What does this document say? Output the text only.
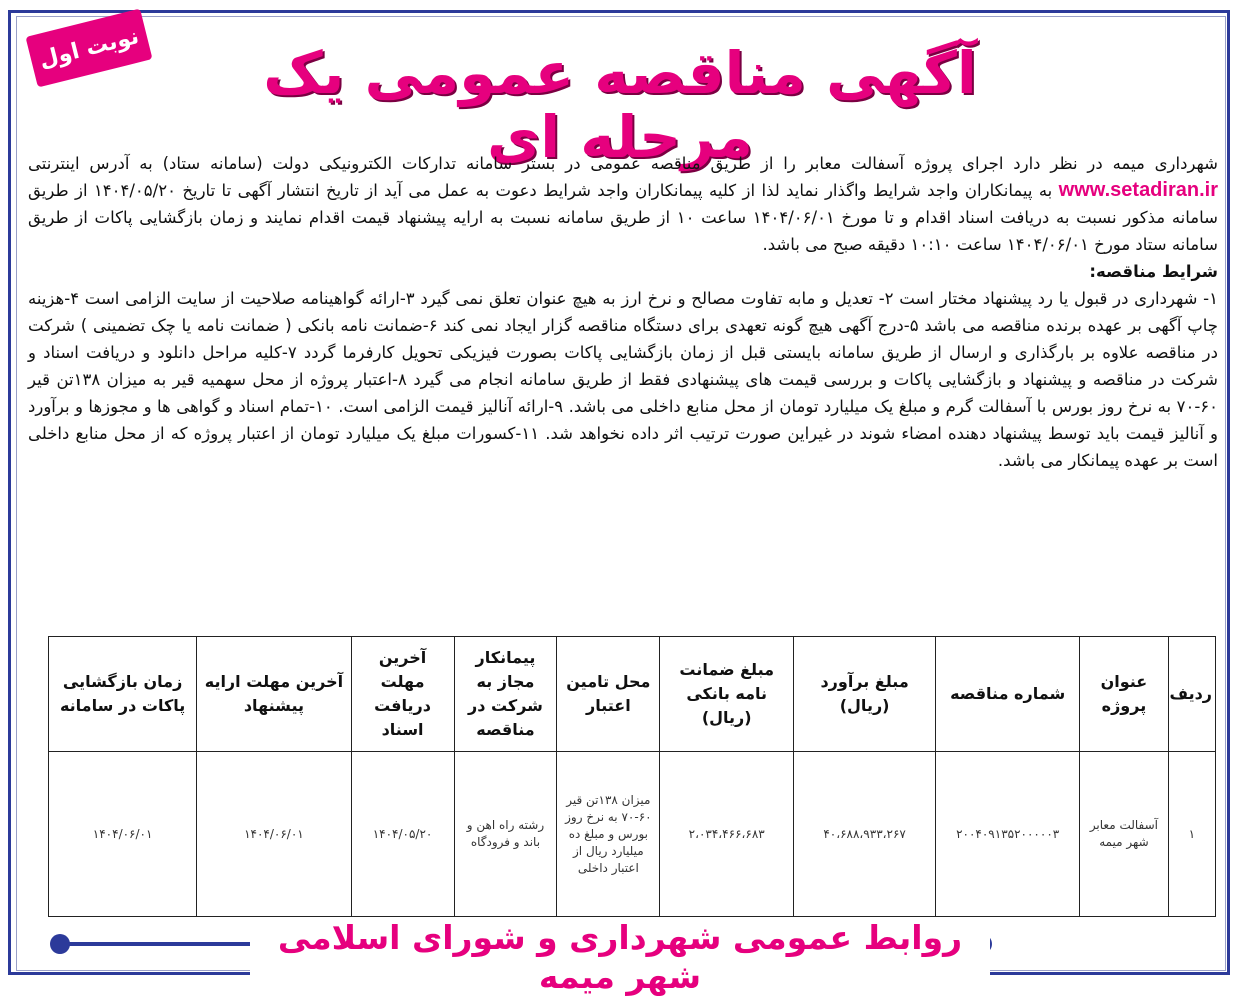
نوبت اول	آگهی مناقصه عمومی یک مرحله ای

شهرداری میمه در نظر دارد اجرای پروژه آسفالت معابر را از طریق مناقصه عمومی در بستر سامانه تدارکات الکترونیکی دولت (سامانه ستاد) به آدرس اینترنتی www.setadiran.ir به پیمانکاران واجد شرایط واگذار نماید لذا از کلیه پیمانکاران واجد شرایط دعوت به عمل می آید از تاریخ انتشار آگهی تا تاریخ ۱۴۰۴/۰۵/۲۰ از طریق سامانه مذکور نسبت به دریافت اسناد اقدام و تا مورخ ۱۴۰۴/۰۶/۰۱ ساعت ۱۰ از طریق سامانه نسبت به ارایه پیشنهاد قیمت اقدام نمایند و زمان بازگشایی پاکات از طریق سامانه ستاد مورخ ۱۴۰۴/۰۶/۰۱ ساعت ۱۰:۱۰ دقیقه صبح می باشد.

شرایط مناقصه:

۱- شهرداری در قبول یا رد پیشنهاد مختار است ۲- تعدیل و مابه تفاوت مصالح و نرخ ارز به هیچ عنوان تعلق نمی گیرد ۳-ارائه گواهینامه صلاحیت از سایت الزامی است ۴-هزینه چاپ آگهی بر عهده برنده مناقصه می باشد ۵-درج آگهی هیچ گونه تعهدی برای دستگاه مناقصه گزار ایجاد نمی کند ۶-ضمانت نامه بانکی ( ضمانت نامه یا چک تضمینی ) شرکت در مناقصه علاوه بر بارگذاری و ارسال از طریق سامانه بایستی قبل از زمان بازگشایی پاکات بصورت فیزیکی تحویل کارفرما گردد ۷-کلیه مراحل دانلود و دریافت اسناد و شرکت در مناقصه و پیشنهاد و بازگشایی پاکات و بررسی قیمت های پیشنهادی فقط از طریق سامانه انجام می گیرد ۸-اعتبار پروژه از محل سهمیه قیر به میزان ۱۳۸تن قیر ۶۰-۷۰ به نرخ روز بورس با آسفالت گرم و مبلغ یک میلیارد تومان از محل منابع داخلی می باشد. ۹-ارائه آنالیز قیمت الزامی است. ۱۰-تمام اسناد و گواهی ها و مجوزها و برآورد و آنالیز قیمت باید توسط پیشنهاد دهنده امضاء شوند در غیراین صورت ترتیب اثر داده نخواهد شد. ۱۱-کسورات مبلغ یک میلیارد تومان از اعتبار پروژه که از محل منابع داخلی است بر عهده پیمانکار می باشد.

ردیف	عنوان پروژه	شماره مناقصه	مبلغ برآورد (ریال)	مبلغ ضمانت نامه بانکی (ریال)	محل تامین اعتبار	پیمانکار مجاز به شرکت در مناقصه	آخرین مهلت دریافت اسناد	آخرین مهلت ارایه پیشنهاد	زمان بازگشایی پاکات در سامانه
۱	آسفالت معابر شهر میمه	۲۰۰۴۰۹۱۳۵۲۰۰۰۰۰۳	۴۰،۶۸۸،۹۳۳،۲۶۷	۲،۰۳۴،۴۶۶،۶۸۳	میزان ۱۳۸تن قیر ۶۰-۷۰ به نرخ روز بورس و مبلغ ده میلیارد ریال از اعتبار داخلی	رشته راه اهن و باند و فرودگاه	۱۴۰۴/۰۵/۲۰	۱۴۰۴/۰۶/۰۱	۱۴۰۴/۰۶/۰۱
روابط عمومی شهرداری و شورای اسلامی شهر میمه
